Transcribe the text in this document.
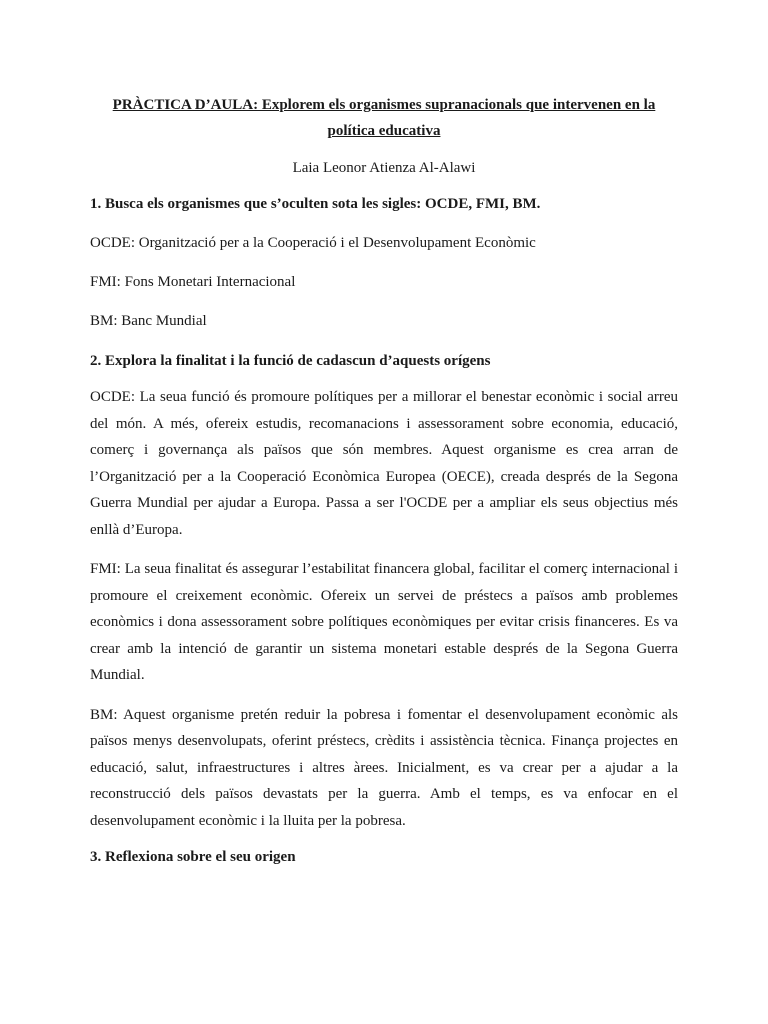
PRÀCTICA D’AULA: Explorem els organismes supranacionals que intervenen en la política educativa

Laia Leonor Atienza Al-Alawi

1. Busca els organismes que s’oculten sota les sigles: OCDE, FMI, BM.

OCDE: Organització per a la Cooperació i el Desenvolupament Econòmic

FMI: Fons Monetari Internacional

BM: Banc Mundial

2. Explora la finalitat i la funció de cadascun d’aquests orígens

OCDE: La seua funció és promoure polítiques per a millorar el benestar econòmic i social arreu del món. A més, ofereix estudis, recomanacions i assessorament sobre economia, educació, comerç i governança als països que són membres. Aquest organisme es crea arran de l’Organització per a la Cooperació Econòmica Europea (OECE), creada després de la Segona Guerra Mundial per ajudar a Europa. Passa a ser l'OCDE per a ampliar els seus objectius més enllà d’Europa.

FMI: La seua finalitat és assegurar l’estabilitat financera global, facilitar el comerç internacional i promoure el creixement econòmic. Ofereix un servei de préstecs a països amb problemes econòmics i dona assessorament sobre polítiques econòmiques per evitar crisis financeres. Es va crear amb la intenció de garantir un sistema monetari estable després de la Segona Guerra Mundial.

BM: Aquest organisme pretén reduir la pobresa i fomentar el desenvolupament econòmic als països menys desenvolupats, oferint préstecs, crèdits i assistència tècnica. Finança projectes en educació, salut, infraestructures i altres àrees. Inicialment, es va crear per a ajudar a la reconstrucció dels països devastats per la guerra. Amb el temps, es va enfocar en el desenvolupament econòmic i la lluita per la pobresa.

3. Reflexiona sobre el seu origen
